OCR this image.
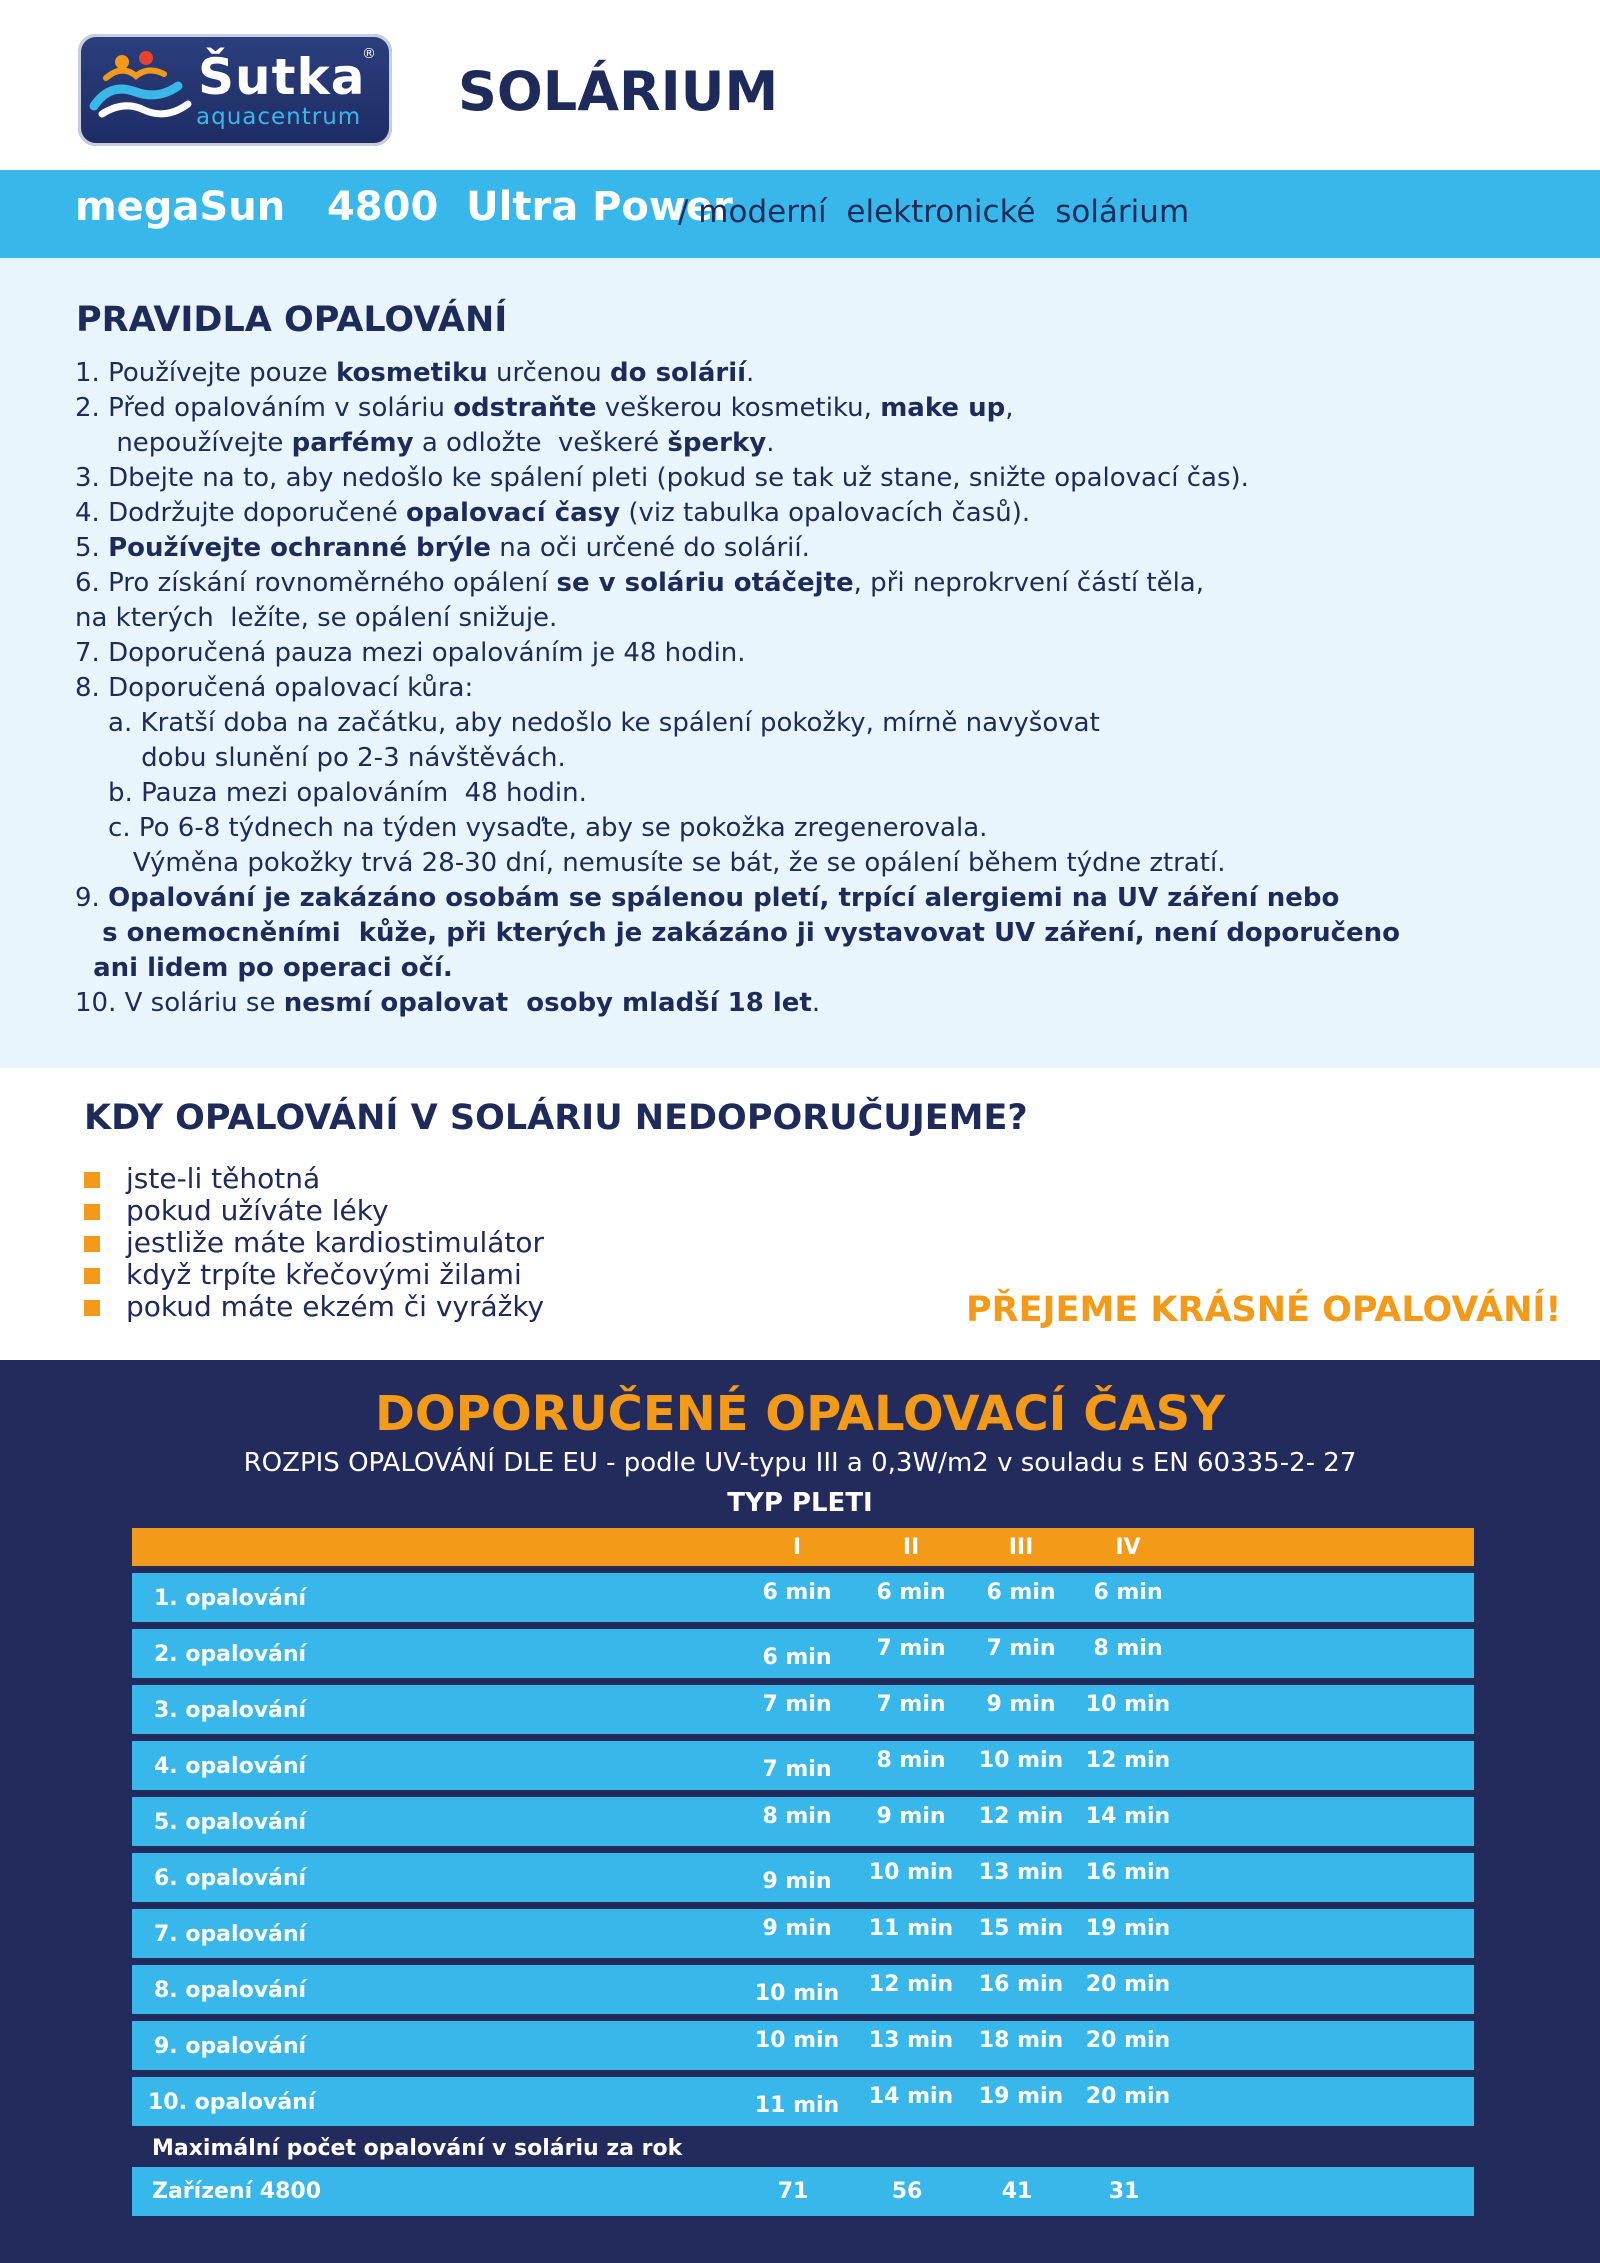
Šutka
®
aquacentrum SOLÁRIUM
megaSun   4800  Ultra Power
/ moderní  elektronické  solárium
PRAVIDLA OPALOVÁNÍ
1. Používejte pouze kosmetiku určenou do solárií.
2. Před opalováním v soláriu odstraňte veškerou kosmetiku, make up,
nepoužívejte parfémy a odložte  veškeré šperky.
3. Dbejte na to, aby nedošlo ke spálení pleti (pokud se tak už stane, snižte opalovací čas).
4. Dodržujte doporučené opalovací časy (viz tabulka opalovacích časů).
5. Používejte ochranné brýle na oči určené do solárií.
6. Pro získání rovnoměrného opálení se v soláriu otáčejte, při neprokrvení částí těla,
na kterých  ležíte, se opálení snižuje.
7. Doporučená pauza mezi opalováním je 48 hodin.
8. Doporučená opalovací kůra:
a. Kratší doba na začátku, aby nedošlo ke spálení pokožky, mírně navyšovat
dobu slunění po 2-3 návštěvách.
b. Pauza mezi opalováním  48 hodin.
c. Po 6-8 týdnech na týden vysaďte, aby se pokožka zregenerovala.
Výměna pokožky trvá 28-30 dní, nemusíte se bát, že se opálení během týdne ztratí.
9. Opalování je zakázáno osobám se spálenou pletí, trpící alergiemi na UV záření nebo
s onemocněními  kůže, při kterých je zakázáno ji vystavovat UV záření, není doporučeno
ani lidem po operaci očí.
10. V soláriu se nesmí opalovat  osoby mladší 18 let.
KDY OPALOVÁNÍ V SOLÁRIU NEDOPORUČUJEME?
jste-li těhotná
pokud užíváte léky
jestliže máte kardiostimulátor
když trpíte křečovými žilami
pokud máte ekzém či vyrážky	PŘEJEME KRÁSNÉ OPALOVÁNÍ!
DOPORUČENÉ OPALOVACÍ ČASY
ROZPIS OPALOVÁNÍ DLE EU - podle UV-typu III a 0,3W/m2 v souladu s EN 60335-2- 27
TYP PLETI
I	II	III	IV
1. opalování	6 min	6 min	6 min	6 min
2. opalování	6 min	7 min	7 min	8 min
3. opalování	7 min	7 min	9 min	10 min
4. opalování	7 min	8 min	10 min	12 min
5. opalování	8 min	9 min	12 min	14 min
6. opalování	9 min	10 min	13 min	16 min
7. opalování	9 min	11 min	15 min	19 min
8. opalování	10 min	12 min	16 min	20 min
9. opalování	10 min	13 min	18 min	20 min
10. opalování	11 min	14 min	19 min	20 min
Maximální počet opalování v soláriu za rok
Zařízení 4800	71	56	41	31
